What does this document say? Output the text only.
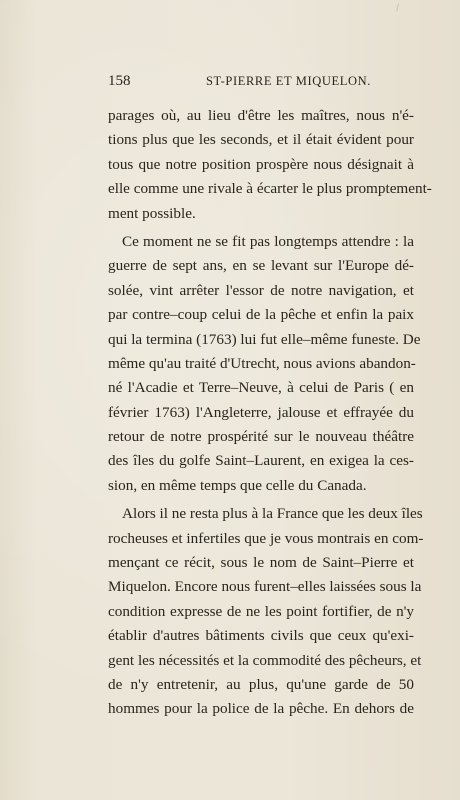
158	ST-PIERRE ET MIQUELON.
parages où, au lieu d'être les maîtres, nous n'é-
tions plus que les seconds, et il était évident pour
tous que notre position prospère nous désignait à
elle comme une rivale à écarter le plus promptement-
ment possible.
Ce moment ne se fit pas longtemps attendre : la
guerre de sept ans, en se levant sur l'Europe dé-
solée, vint arrêter l'essor de notre navigation, et
par contre–coup celui de la pêche et enfin la paix
qui la termina (1763) lui fut elle–même funeste. De
même qu'au traité d'Utrecht, nous avions abandon-
né l'Acadie et Terre–Neuve, à celui de Paris ( en
février 1763) l'Angleterre, jalouse et effrayée du
retour de notre prospérité sur le nouveau théâtre
des îles du golfe Saint–Laurent, en exigea la ces-
sion, en même temps que celle du Canada.
Alors il ne resta plus à la France que les deux îles
rocheuses et infertiles que je vous montrais en com-
mençant ce récit, sous le nom de Saint–Pierre et
Miquelon. Encore nous furent–elles laissées sous la
condition expresse de ne les point fortifier, de n'y
établir d'autres bâtiments civils que ceux qu'exi-
gent les nécessités et la commodité des pêcheurs, et
de n'y entretenir, au plus, qu'une garde de 50
hommes pour la police de la pêche. En dehors de
